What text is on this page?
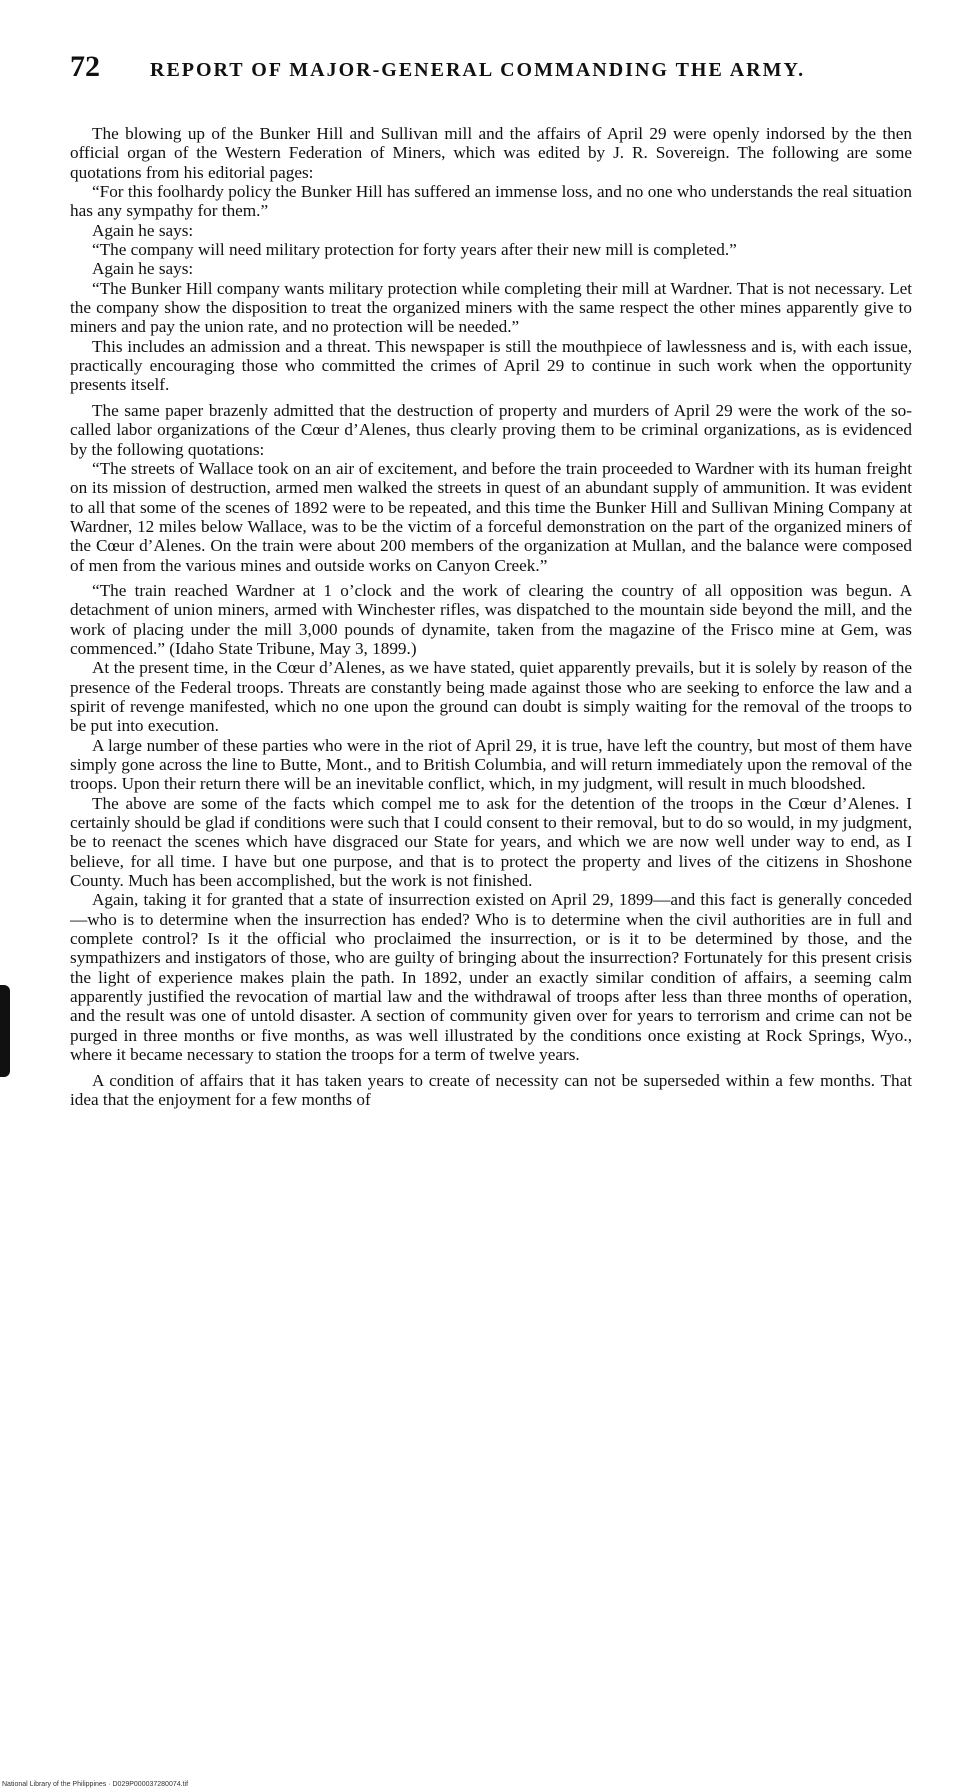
72	REPORT OF MAJOR-GENERAL COMMANDING THE ARMY.

The blowing up of the Bunker Hill and Sullivan mill and the affairs of April 29 were openly indorsed by the then official organ of the Western Federation of Miners, which was edited by J. R. Sovereign. The following are some quotations from his editorial pages:

“For this foolhardy policy the Bunker Hill has suffered an immense loss, and no one who understands the real situation has any sympathy for them.”

Again he says:

“The company will need military protection for forty years after their new mill is completed.”

Again he says:

“The Bunker Hill company wants military protection while completing their mill at Wardner. That is not necessary. Let the company show the disposition to treat the organized miners with the same respect the other mines apparently give to miners and pay the union rate, and no protection will be needed.”

This includes an admission and a threat. This newspaper is still the mouthpiece of lawlessness and is, with each issue, practically encouraging those who committed the crimes of April 29 to continue in such work when the opportunity presents itself.

The same paper brazenly admitted that the destruction of property and murders of April 29 were the work of the so-called labor organizations of the Cœur d’Alenes, thus clearly proving them to be criminal organizations, as is evidenced by the following quotations:

“The streets of Wallace took on an air of excitement, and before the train proceeded to Wardner with its human freight on its mission of destruction, armed men walked the streets in quest of an abundant supply of ammunition. It was evident to all that some of the scenes of 1892 were to be repeated, and this time the Bunker Hill and Sullivan Mining Company at Wardner, 12 miles below Wallace, was to be the victim of a forceful demonstration on the part of the organized miners of the Cœur d’Alenes. On the train were about 200 members of the organization at Mullan, and the balance were composed of men from the various mines and outside works on Canyon Creek.”

“The train reached Wardner at 1 o’clock and the work of clearing the country of all opposition was begun. A detachment of union miners, armed with Winchester rifles, was dispatched to the mountain side beyond the mill, and the work of placing under the mill 3,000 pounds of dynamite, taken from the magazine of the Frisco mine at Gem, was commenced.” (Idaho State Tribune, May 3, 1899.)

At the present time, in the Cœur d’Alenes, as we have stated, quiet apparently prevails, but it is solely by reason of the presence of the Federal troops. Threats are constantly being made against those who are seeking to enforce the law and a spirit of revenge manifested, which no one upon the ground can doubt is simply waiting for the removal of the troops to be put into execution.

A large number of these parties who were in the riot of April 29, it is true, have left the country, but most of them have simply gone across the line to Butte, Mont., and to British Columbia, and will return immediately upon the removal of the troops. Upon their return there will be an inevitable conflict, which, in my judgment, will result in much bloodshed.

The above are some of the facts which compel me to ask for the detention of the troops in the Cœur d’Alenes. I certainly should be glad if conditions were such that I could consent to their removal, but to do so would, in my judgment, be to reenact the scenes which have disgraced our State for years, and which we are now well under way to end, as I believe, for all time. I have but one purpose, and that is to protect the property and lives of the citizens in Shoshone County. Much has been accomplished, but the work is not finished.

Again, taking it for granted that a state of insurrection existed on April 29, 1899—and this fact is generally conceded—who is to determine when the insurrection has ended? Who is to determine when the civil authorities are in full and complete control? Is it the official who proclaimed the insurrection, or is it to be determined by those, and the sympathizers and instigators of those, who are guilty of bringing about the insurrection? Fortunately for this present crisis the light of experience makes plain the path. In 1892, under an exactly similar condition of affairs, a seeming calm apparently justified the revocation of martial law and the withdrawal of troops after less than three months of operation, and the result was one of untold disaster. A section of community given over for years to terrorism and crime can not be purged in three months or five months, as was well illustrated by the conditions once existing at Rock Springs, Wyo., where it became necessary to station the troops for a term of twelve years.

A condition of affairs that it has taken years to create of necessity can not be superseded within a few months. That idea that the enjoyment for a few months of

National Library of the Philippines · D029P000037280074.tif
